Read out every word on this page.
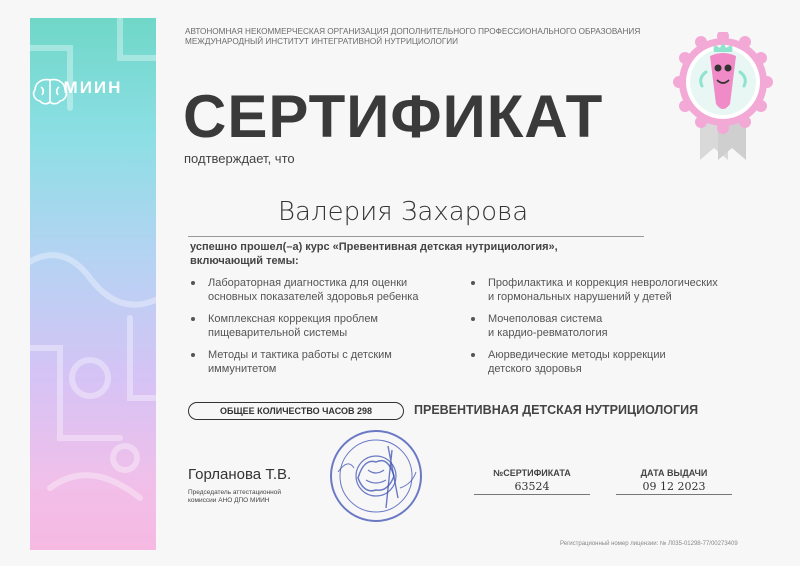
МИИН
АВТОНОМНАЯ НЕКОММЕРЧЕСКАЯ ОРГАНИЗАЦИЯ ДОПОЛНИТЕЛЬНОГО ПРОФЕССИОНАЛЬНОГО ОБРАЗОВАНИЯ
МЕЖДУНАРОДНЫЙ ИНСТИТУТ ИНТЕГРАТИВНОЙ НУТРИЦИОЛОГИИ
СЕРТИФИКАТ
подтверждает, что
Валерия Захарова
успешно прошел(–а) курс «Превентивная детская нутрициология»,
включающий темы:
Лабораторная диагностика для оценки
основных показателей здоровья ребенка
Комплексная коррекция проблем
пищеварительной системы
Методы и тактика работы с детским
иммунитетом
Профилактика и коррекция неврологических
и гормональных нарушений у детей
Мочеполовая система
и кардио-ревматология
Аюрведические методы коррекции
детского здоровья
ОБЩЕЕ КОЛИЧЕСТВО ЧАСОВ 298	ПРЕВЕНТИВНАЯ ДЕТСКАЯ НУТРИЦИОЛОГИЯ
Горланова Т.В.
Председатель аттестационной
комиссии АНО ДПО МИИН
№СЕРТИФИКАТА
63524
ДАТА ВЫДАЧИ
09 12 2023
Регистрационный номер лицензии: № Л035-01298-77/00273409
